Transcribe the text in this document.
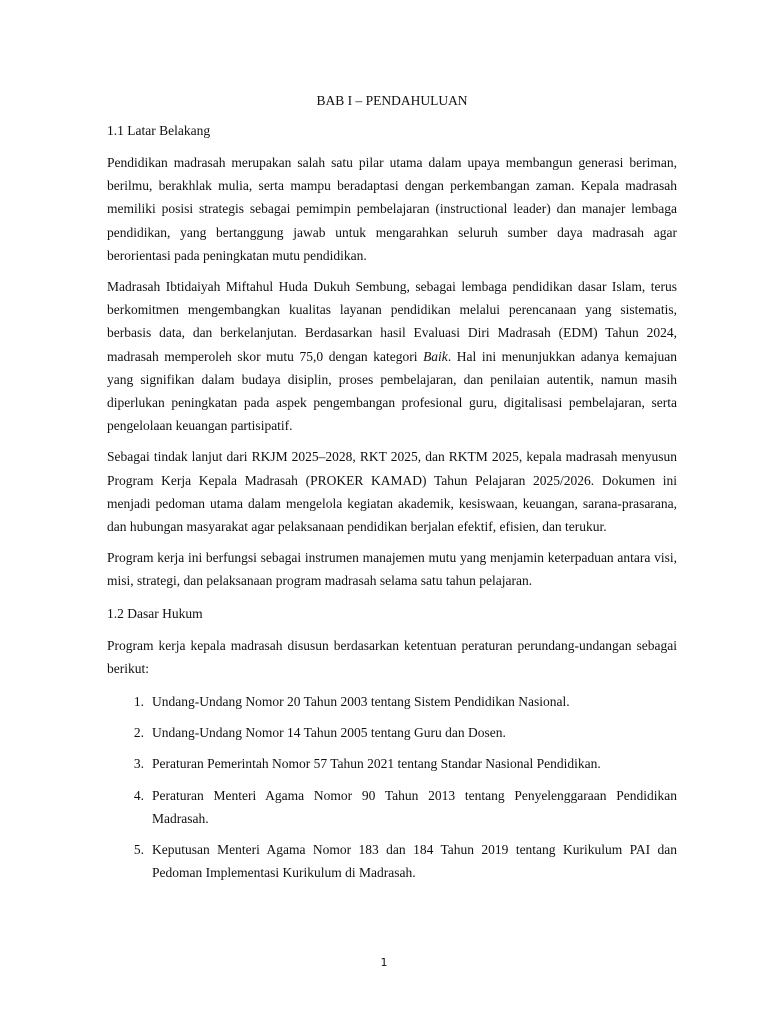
BAB I – PENDAHULUAN

1.1 Latar Belakang

Pendidikan madrasah merupakan salah satu pilar utama dalam upaya membangun generasi beriman, berilmu, berakhlak mulia, serta mampu beradaptasi dengan perkembangan zaman. Kepala madrasah memiliki posisi strategis sebagai pemimpin pembelajaran (instructional leader) dan manajer lembaga pendidikan, yang bertanggung jawab untuk mengarahkan seluruh sumber daya madrasah agar berorientasi pada peningkatan mutu pendidikan.

Madrasah Ibtidaiyah Miftahul Huda Dukuh Sembung, sebagai lembaga pendidikan dasar Islam, terus berkomitmen mengembangkan kualitas layanan pendidikan melalui perencanaan yang sistematis, berbasis data, dan berkelanjutan. Berdasarkan hasil Evaluasi Diri Madrasah (EDM) Tahun 2024, madrasah memperoleh skor mutu 75,0 dengan kategori Baik. Hal ini menunjukkan adanya kemajuan yang signifikan dalam budaya disiplin, proses pembelajaran, dan penilaian autentik, namun masih diperlukan peningkatan pada aspek pengembangan profesional guru, digitalisasi pembelajaran, serta pengelolaan keuangan partisipatif.

Sebagai tindak lanjut dari RKJM 2025–2028, RKT 2025, dan RKTM 2025, kepala madrasah menyusun Program Kerja Kepala Madrasah (PROKER KAMAD) Tahun Pelajaran 2025/2026. Dokumen ini menjadi pedoman utama dalam mengelola kegiatan akademik, kesiswaan, keuangan, sarana-prasarana, dan hubungan masyarakat agar pelaksanaan pendidikan berjalan efektif, efisien, dan terukur.

Program kerja ini berfungsi sebagai instrumen manajemen mutu yang menjamin keterpaduan antara visi, misi, strategi, dan pelaksanaan program madrasah selama satu tahun pelajaran.

1.2 Dasar Hukum

Program kerja kepala madrasah disusun berdasarkan ketentuan peraturan perundang-undangan sebagai berikut:

1. Undang-Undang Nomor 20 Tahun 2003 tentang Sistem Pendidikan Nasional.
2. Undang-Undang Nomor 14 Tahun 2005 tentang Guru dan Dosen.
3. Peraturan Pemerintah Nomor 57 Tahun 2021 tentang Standar Nasional Pendidikan.
4. Peraturan Menteri Agama Nomor 90 Tahun 2013 tentang Penyelenggaraan Pendidikan Madrasah.
5. Keputusan Menteri Agama Nomor 183 dan 184 Tahun 2019 tentang Kurikulum PAI dan Pedoman Implementasi Kurikulum di Madrasah.
1
